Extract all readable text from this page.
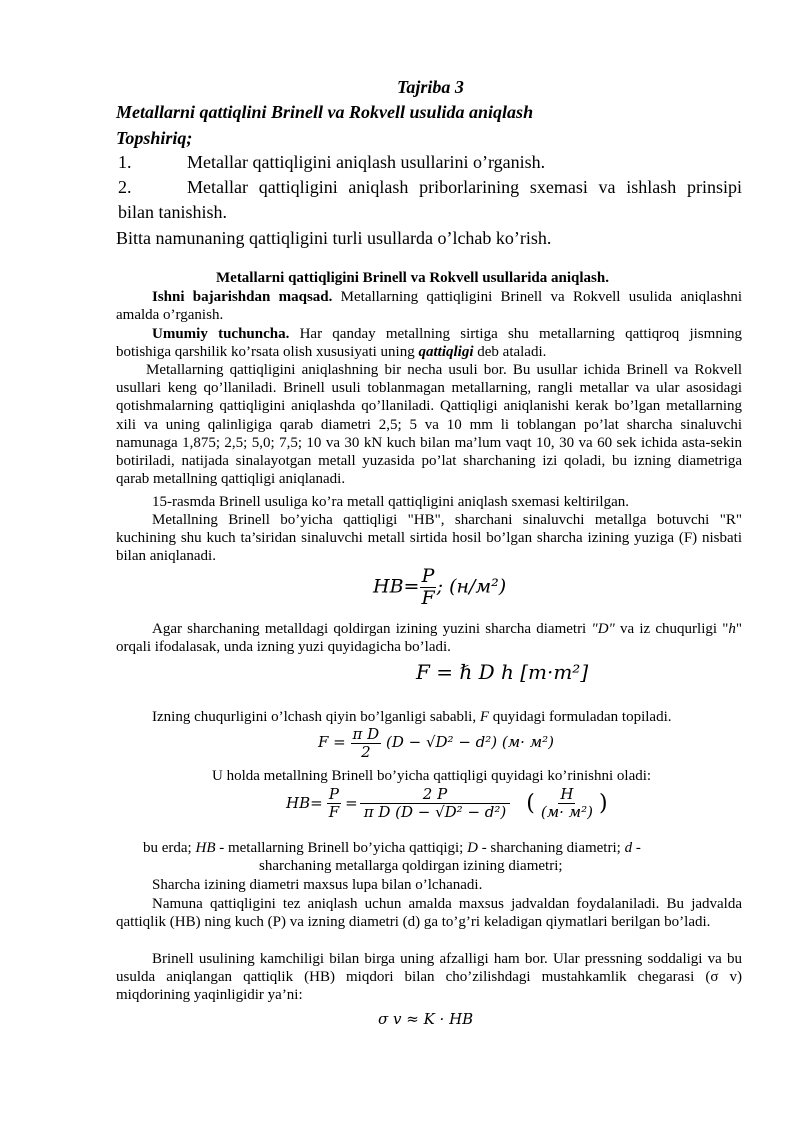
Tajriba 3
Metallarni qattiqlini Brinell va Rokvell usulida aniqlash
Topshiriq;
1.	Metallar qattiqligini aniqlash usullarini o’rganish.
2.	Metallar qattiqligini aniqlash priborlarining sxemasi va ishlash prinsipi
bilan tanishish.
Bitta namunaning qattiqligini turli usullarda o’lchab ko’rish.
Metallarni qattiqligini Brinell va Rokvell usullarida aniqlash.
Ishni bajarishdan maqsad. Metallarning qattiqligini Brinell va Rokvell usulida aniqlashni amalda o’rganish.
Umumiy tuchuncha. Har qanday metallning sirtiga shu metallarning qattiqroq jismning botishiga qarshilik ko’rsata olish xususiyati uning qattiqligi deb ataladi.
Metallarning qattiqligini aniqlashning bir necha usuli bor. Bu usullar ichida Brinell va Rokvell usullari keng qo’llaniladi. Brinell usuli toblanmagan metallarning, rangli metallar va ular asosidagi qotishmalarning qattiqligini aniqlashda qo’llaniladi. Qattiqligi aniqlanishi kerak bo’lgan metallarning xili va uning qalinligiga qarab diametri 2,5; 5 va 10 mm li toblangan po’lat sharcha sinaluvchi namunaga 1,875; 2,5; 5,0; 7,5; 10 va 30 kN kuch bilan ma’lum vaqt 10, 30 va 60 sek ichida asta-sekin botiriladi, natijada sinalayotgan metall yuzasida po’lat sharchaning izi qoladi, bu izning diametriga qarab metallning qattiqligi aniqlanadi.
15-rasmda Brinell usuliga ko’ra metall qattiqligini aniqlash sxemasi keltirilgan.
Metallning Brinell bo’yicha qattiqligi "HB", sharchani sinaluvchi metallga botuvchi "R" kuchining shu kuch ta’siridan sinaluvchi metall sirtida hosil bo’lgan sharcha izining yuziga (F) nisbati bilan aniqlanadi.
$HB= \frac{P}{F}$ ; (н/м²)
Agar sharchaning metalldagi qoldirgan izining yuzini sharcha diametri "D" va iz chuqurligi "h" orqali ifodalasak, unda izning yuzi quyidagicha bo’ladi.
F = ℏ D h [m·m²]
Izning chuqurligini o’lchash qiyin bo’lganligi sababli, F quyidagi formuladan topiladi.
$F = \frac{\text{π D}}{2} (D - √D^2 - d^2)$ (м· м²)
U holda metallning Brinell bo’yicha qattiqligi quyidagi ko’rinishni oladi:
$HB= \frac{P}{F} = \frac{2 P}{\text{π D (D − √D² − d²)}}$ ( $\frac{H}{\text{(м· м²)}}$ )
bu erda; HB - metallarning Brinell bo’yicha qattiqigi; D - sharchaning diametri; d -
sharchaning metallarga qoldirgan izining diametri;
Sharcha izining diametri maxsus lupa bilan o’lchanadi.
Namuna qattiqligini tez aniqlash uchun amalda maxsus jadvaldan foydalaniladi. Bu jadvalda qattiqlik (HB) ning kuch (P) va izning diametri (d) ga to’g’ri keladigan qiymatlari berilgan bo’ladi.
Brinell usulining kamchiligi bilan birga uning afzalligi ham bor. Ular pressning soddaligi va bu usulda aniqlangan qattiqlik (HB) miqdori bilan cho’zilishdagi mustahkamlik chegarasi (σ v) miqdorining yaqinligidir ya’ni:
σ v ≈ K · HB
